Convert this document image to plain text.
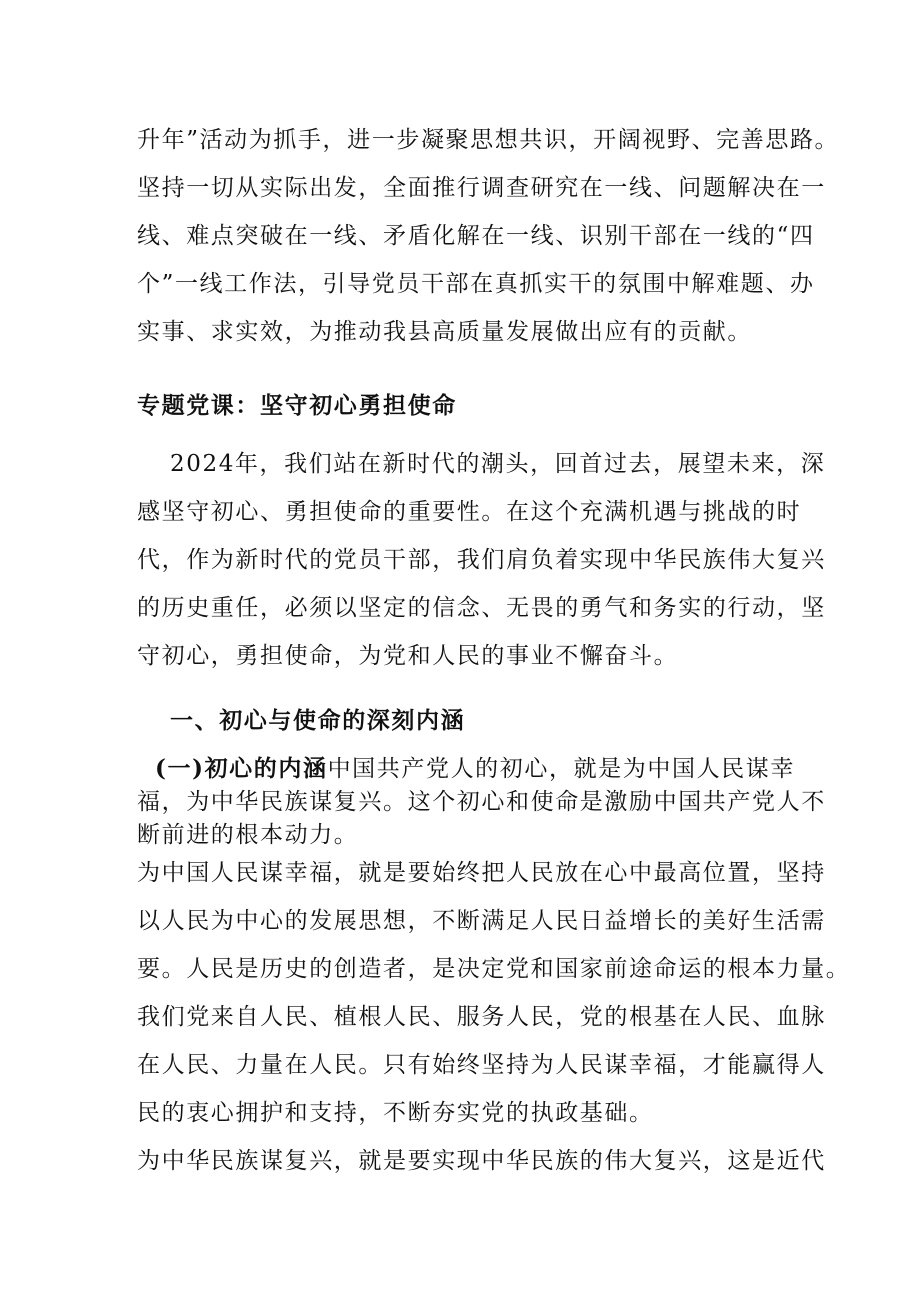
升年”活动为抓手，进一步凝聚思想共识，开阔视野、完善思路。
坚持一切从实际出发，全面推行调查研究在一线、问题解决在一
线、难点突破在一线、矛盾化解在一线、识别干部在一线的“四
个”一线工作法，引导党员干部在真抓实干的氛围中解难题、办
实事、求实效，为推动我县高质量发展做出应有的贡献。
专题党课：坚守初心勇担使命
2024年，我们站在新时代的潮头，回首过去，展望未来，深
感坚守初心、勇担使命的重要性。在这个充满机遇与挑战的时
代，作为新时代的党员干部，我们肩负着实现中华民族伟大复兴
的历史重任，必须以坚定的信念、无畏的勇气和务实的行动，坚
守初心，勇担使命，为党和人民的事业不懈奋斗。
一、初心与使命的深刻内涵
(一)初心的内涵中国共产党人的初心，就是为中国人民谋幸
福，为中华民族谋复兴。这个初心和使命是激励中国共产党人不
断前进的根本动力。
为中国人民谋幸福，就是要始终把人民放在心中最高位置，坚持
以人民为中心的发展思想，不断满足人民日益增长的美好生活需
要。人民是历史的创造者，是决定党和国家前途命运的根本力量。
我们党来自人民、植根人民、服务人民，党的根基在人民、血脉
在人民、力量在人民。只有始终坚持为人民谋幸福，才能赢得人
民的衷心拥护和支持，不断夯实党的执政基础。
为中华民族谋复兴，就是要实现中华民族的伟大复兴，这是近代
